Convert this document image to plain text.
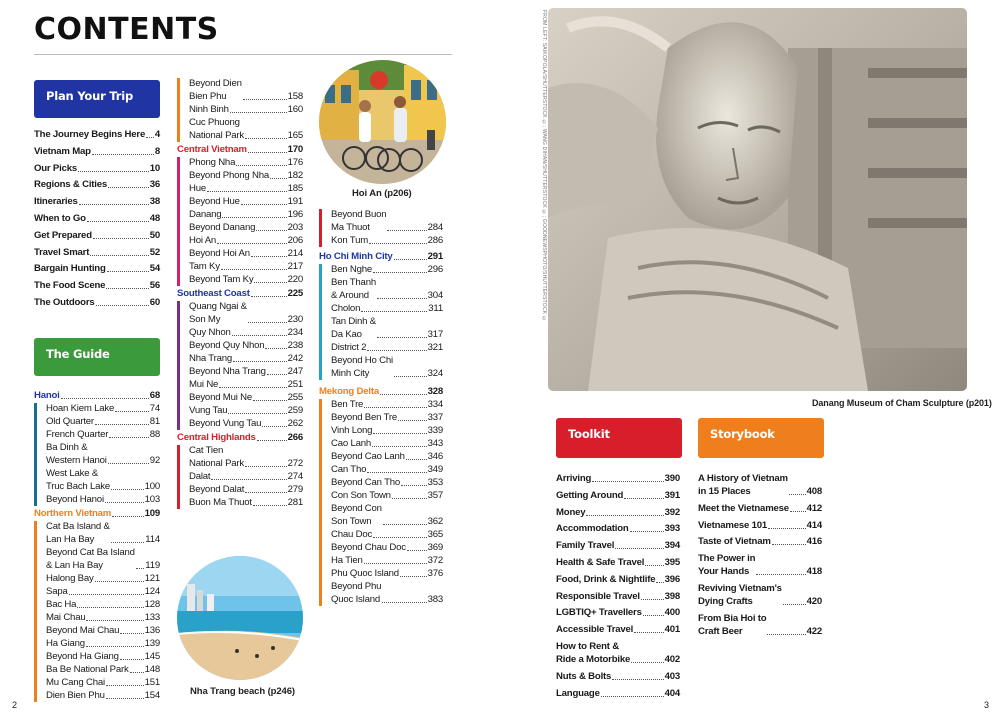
CONTENTS
Plan Your Trip
The Journey Begins Here 4
Vietnam Map	8
Our Picks	10
Regions & Cities	36
Itineraries	38
When to Go	48
Get Prepared	50
Travel Smart	52
Bargain Hunting	54
The Food Scene	56
The Outdoors	60
The Guide
Hanoi	68
Hoan Kiem Lake	74
Old Quarter	81
French Quarter	88
Ba Dinh &
Western Hanoi	92
West Lake &
Truc Bach Lake	100
Beyond Hanoi	103
Northern Vietnam	109
Cat Ba Island &
Lan Ha Bay	114
Beyond Cat Ba Island
& Lan Ha Bay	119
Halong Bay	121
Sapa	124
Bac Ha	128
Mai Chau	133
Beyond Mai Chau	136
Ha Giang	139
Beyond Ha Giang	145
Ba Be National Park 148
Mu Cang Chai	151
Dien Bien Phu	154
Beyond Dien
Bien Phu	158
Ninh Binh	160
Cuc Phuong
National Park	165
Central Vietnam	170
Phong Nha	176
Beyond Phong Nha 182
Hue	185
Beyond Hue	191
Danang	196
Beyond Danang	203
Hoi An	206
Beyond Hoi An	214
Tam Ky	217
Beyond Tam Ky	220
Southeast Coast	225
Quang Ngai &
Son My	230
Quy Nhon	234
Beyond Quy Nhon 238
Nha Trang	242
Beyond Nha Trang 247
Mui Ne	251
Beyond Mui Ne	255
Vung Tau	259
Beyond Vung Tau	262
Central Highlands	266
Cat Tien
National Park	272
Dalat	274
Beyond Dalat	279
Buon Ma Thuot	281
Beyond Buon
Ma Thuot	284
Kon Tum	286
Ho Chi Minh City	291
Ben Nghe	296
Ben Thanh
& Around	304
Cholon	311
Tan Dinh &
Da Kao	317
District 2	321
Beyond Ho Chi
Minh City	324
Mekong Delta	328
Ben Tre	334
Beyond Ben Tre	337
Vinh Long	339
Cao Lanh	343
Beyond Cao Lanh 346
Can Tho	349
Beyond Can Tho	353
Con Son Town	357
Beyond Con
Son Town	362
Chau Doc	365
Beyond Chau Doc 369
Ha Tien	372
Phu Quoc Island	376
Beyond Phu
Quoc Island	383
Hoi An (p206)
Nha Trang beach (p246)
2
FROM LEFT: SAIKOPOLA/SHUTTERSTOCK ©; WANG DIHAN/SHUTTERSTOCK ©; GOODNEWSPHOTO/SHUTTERSTOCK ©
Danang Museum of Cham Sculpture (p201)
Toolkit	Storybook
Arriving	390
Getting Around	391
Money	392
Accommodation	393
Family Travel	394
Health & Safe Travel 395
Food, Drink & Nightlife 396
Responsible Travel	398
LGBTIQ+ Travellers 400
Accessible Travel	401
How to Rent &
Ride a Motorbike	402
Nuts & Bolts	403
Language	404
A History of Vietnam
in 15 Places	408
Meet the Vietnamese 412
Vietnamese 101	414
Taste of Vietnam	416
The Power in
Your Hands	418
Reviving Vietnam's
Dying Crafts	420
From Bia Hoi to
Craft Beer	422
3
